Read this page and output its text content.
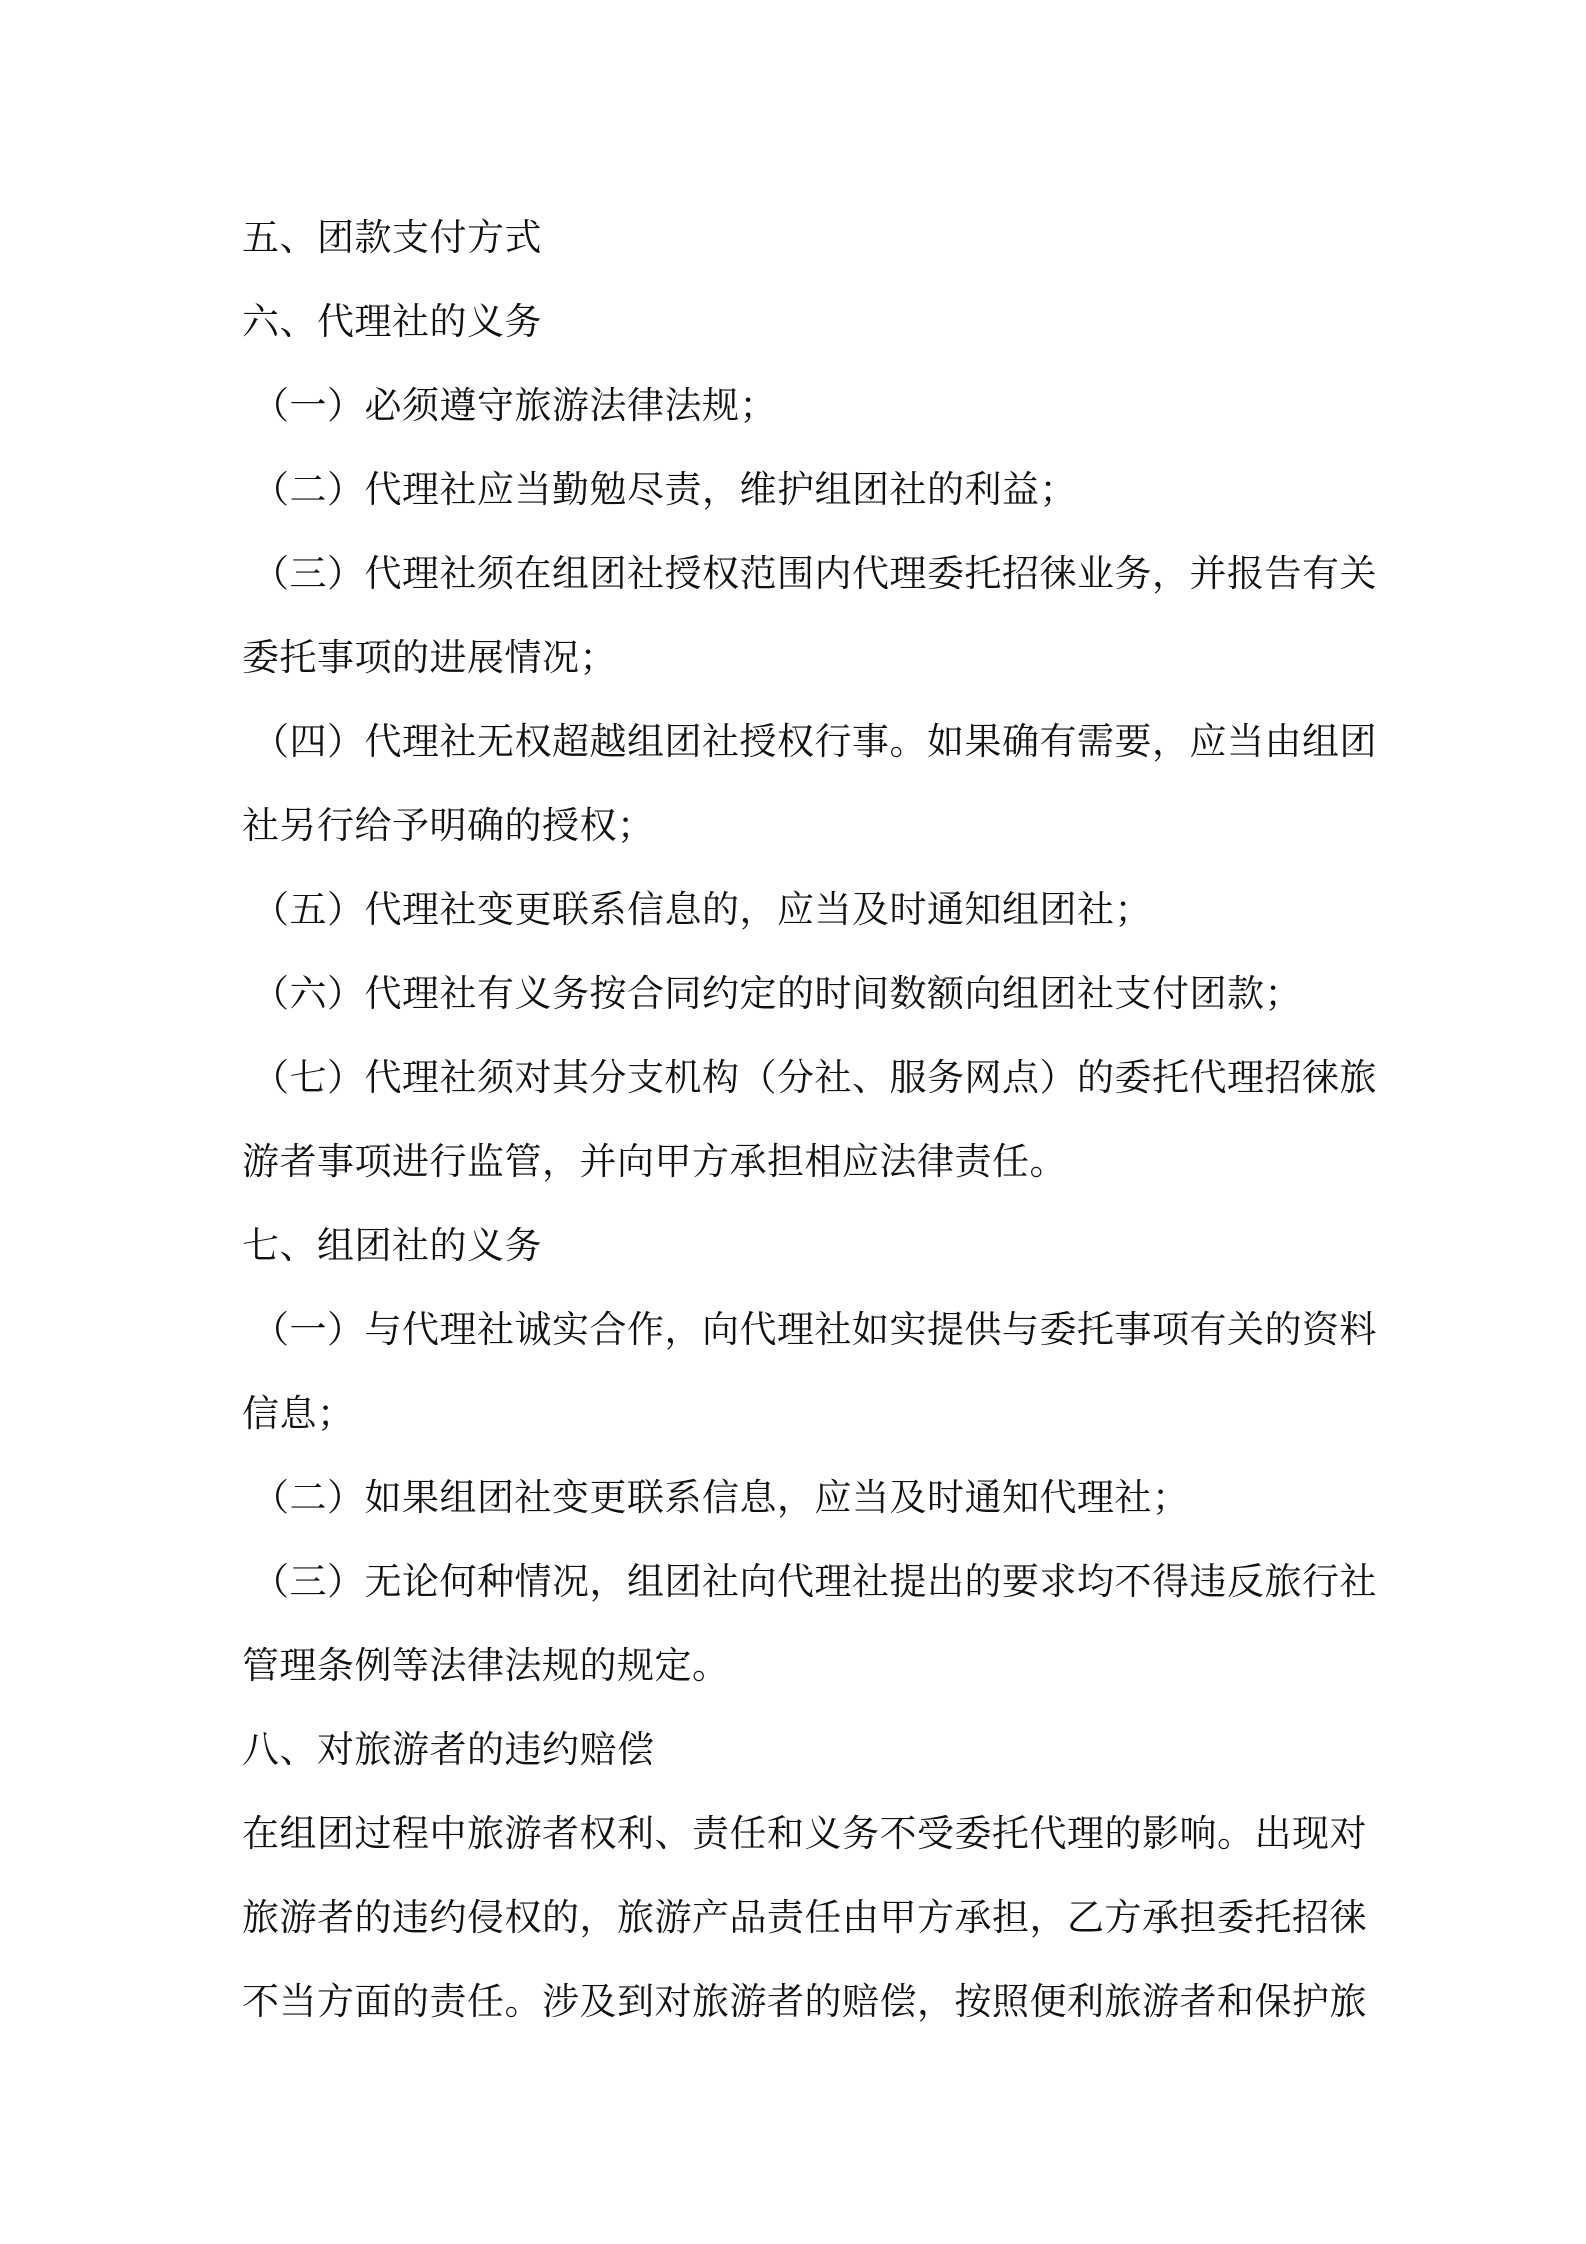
五、团款支付方式
六、代理社的义务
（一）必须遵守旅游法律法规；
（二）代理社应当勤勉尽责，维护组团社的利益；
（三）代理社须在组团社授权范围内代理委托招徕业务，并报告有关
委托事项的进展情况；
（四）代理社无权超越组团社授权行事。如果确有需要，应当由组团
社另行给予明确的授权；
（五）代理社变更联系信息的，应当及时通知组团社；
（六）代理社有义务按合同约定的时间数额向组团社支付团款；
（七）代理社须对其分支机构（分社、服务网点）的委托代理招徕旅
游者事项进行监管，并向甲方承担相应法律责任。
七、组团社的义务
（一）与代理社诚实合作，向代理社如实提供与委托事项有关的资料
信息；
（二）如果组团社变更联系信息，应当及时通知代理社；
（三）无论何种情况，组团社向代理社提出的要求均不得违反旅行社
管理条例等法律法规的规定。
八、对旅游者的违约赔偿
在组团过程中旅游者权利、责任和义务不受委托代理的影响。出现对
旅游者的违约侵权的，旅游产品责任由甲方承担，乙方承担委托招徕
不当方面的责任。涉及到对旅游者的赔偿，按照便利旅游者和保护旅
